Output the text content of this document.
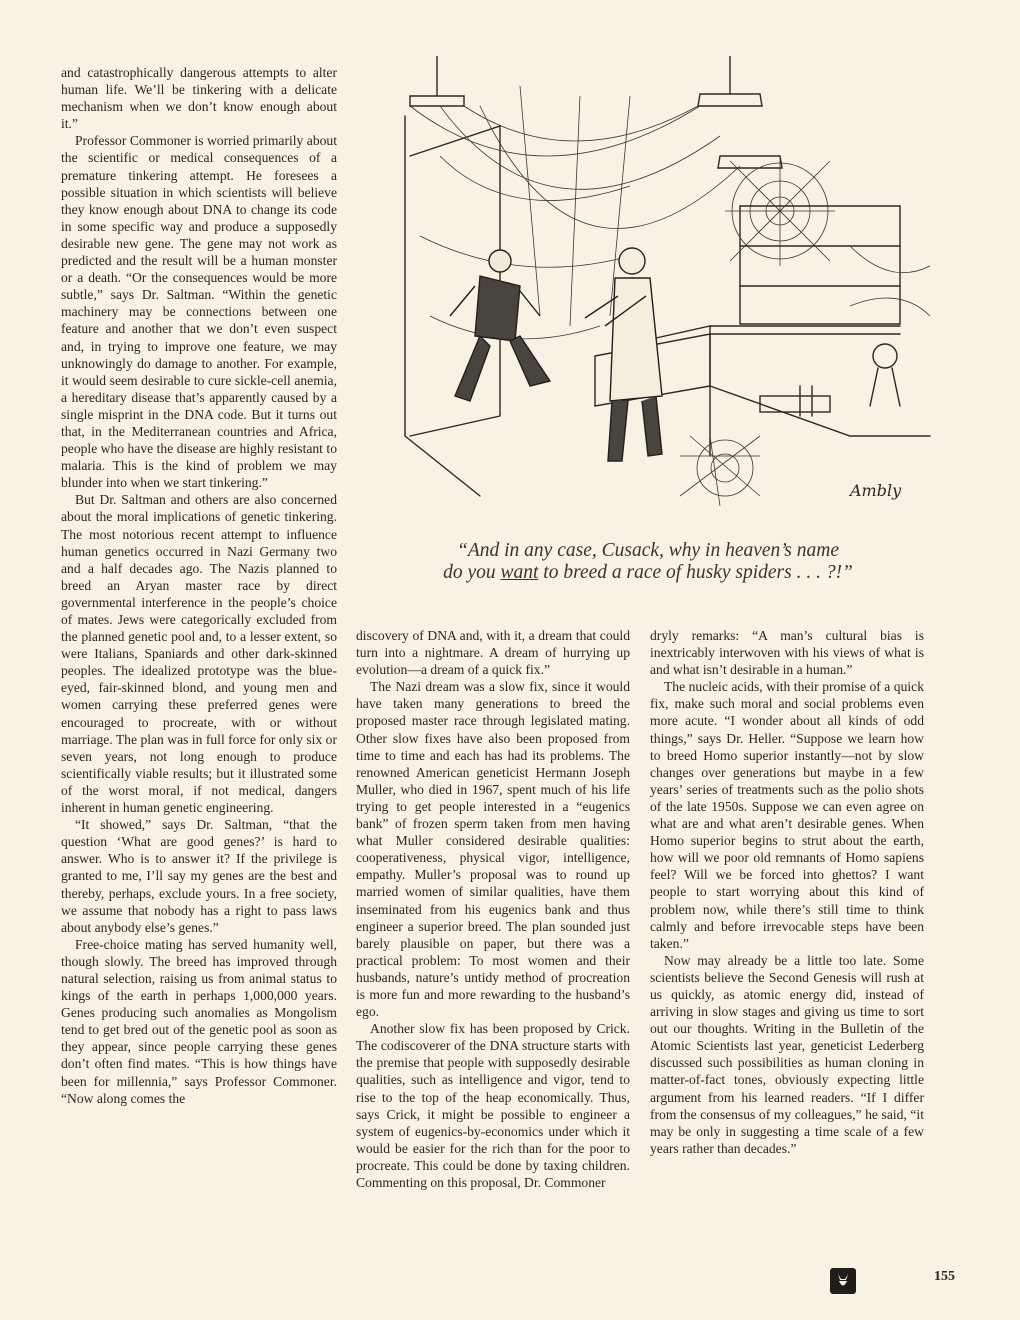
and catastrophically dangerous attempts to alter human life. We’ll be tinkering with a delicate mechanism when we don’t know enough about it.”

Professor Commoner is worried primarily about the scientific or medical consequences of a premature tinkering attempt. He foresees a possible situation in which scientists will believe they know enough about DNA to change its code in some specific way and produce a supposedly desirable new gene. The gene may not work as predicted and the result will be a human monster or a death. “Or the consequences would be more subtle,” says Dr. Saltman. “Within the genetic machinery may be connections between one feature and another that we don’t even suspect and, in trying to improve one feature, we may unknowingly do damage to another. For example, it would seem desirable to cure sickle-cell anemia, a hereditary disease that’s apparently caused by a single misprint in the DNA code. But it turns out that, in the Mediterranean countries and Africa, people who have the disease are highly resistant to malaria. This is the kind of problem we may blunder into when we start tinkering.”

But Dr. Saltman and others are also concerned about the moral implications of genetic tinkering. The most notorious recent attempt to influence human genetics occurred in Nazi Germany two and a half decades ago. The Nazis planned to breed an Aryan master race by direct governmental interference in the people’s choice of mates. Jews were categorically excluded from the planned genetic pool and, to a lesser extent, so were Italians, Spaniards and other dark-skinned peoples. The idealized prototype was the blue-eyed, fair-skinned blond, and young men and women carrying these preferred genes were encouraged to procreate, with or without marriage. The plan was in full force for only six or seven years, not long enough to produce scientifically viable results; but it illustrated some of the worst moral, if not medical, dangers inherent in human genetic engineering.

“It showed,” says Dr. Saltman, “that the question ‘What are good genes?’ is hard to answer. Who is to answer it? If the privilege is granted to me, I’ll say my genes are the best and thereby, perhaps, exclude yours. In a free society, we assume that nobody has a right to pass laws about anybody else’s genes.”

Free-choice mating has served humanity well, though slowly. The breed has improved through natural selection, raising us from animal status to kings of the earth in perhaps 1,000,000 years. Genes producing such anomalies as Mongolism tend to get bred out of the genetic pool as soon as they appear, since people carrying these genes don’t often find mates. “This is how things have been for millennia,” says Professor Commoner. “Now along comes the

Ambly
“And in any case, Cusack, why in heaven’s name
do you want to breed a race of husky spiders . . . ?!”

discovery of DNA and, with it, a dream that could turn into a nightmare. A dream of hurrying up evolution—a dream of a quick fix.”

The Nazi dream was a slow fix, since it would have taken many generations to breed the proposed master race through legislated mating. Other slow fixes have also been proposed from time to time and each has had its problems. The renowned American geneticist Hermann Joseph Muller, who died in 1967, spent much of his life trying to get people interested in a “eugenics bank” of frozen sperm taken from men having what Muller considered desirable qualities: cooperativeness, physical vigor, intelligence, empathy. Muller’s proposal was to round up married women of similar qualities, have them inseminated from his eugenics bank and thus engineer a superior breed. The plan sounded just barely plausible on paper, but there was a practical problem: To most women and their husbands, nature’s untidy method of procreation is more fun and more rewarding to the husband’s ego.

Another slow fix has been proposed by Crick. The codiscoverer of the DNA structure starts with the premise that people with supposedly desirable qualities, such as intelligence and vigor, tend to rise to the top of the heap economically. Thus, says Crick, it might be possible to engineer a system of eugenics-by-economics under which it would be easier for the rich than for the poor to procreate. This could be done by taxing children. Commenting on this proposal, Dr. Commoner

dryly remarks: “A man’s cultural bias is inextricably interwoven with his views of what is and what isn’t desirable in a human.”

The nucleic acids, with their promise of a quick fix, make such moral and social problems even more acute. “I wonder about all kinds of odd things,” says Dr. Heller. “Suppose we learn how to breed Homo superior instantly—not by slow changes over generations but maybe in a few years’ series of treatments such as the polio shots of the late 1950s. Suppose we can even agree on what are and what aren’t desirable genes. When Homo superior begins to strut about the earth, how will we poor old remnants of Homo sapiens feel? Will we be forced into ghettos? I want people to start worrying about this kind of problem now, while there’s still time to think calmly and before irrevocable steps have been taken.”

Now may already be a little too late. Some scientists believe the Second Genesis will rush at us quickly, as atomic energy did, instead of arriving in slow stages and giving us time to sort out our thoughts. Writing in the Bulletin of the Atomic Scientists last year, geneticist Lederberg discussed such possibilities as human cloning in matter-of-fact tones, obviously expecting little argument from his learned readers. “If I differ from the consensus of my colleagues,” he said, “it may be only in suggesting a time scale of a few years rather than decades.”

155
